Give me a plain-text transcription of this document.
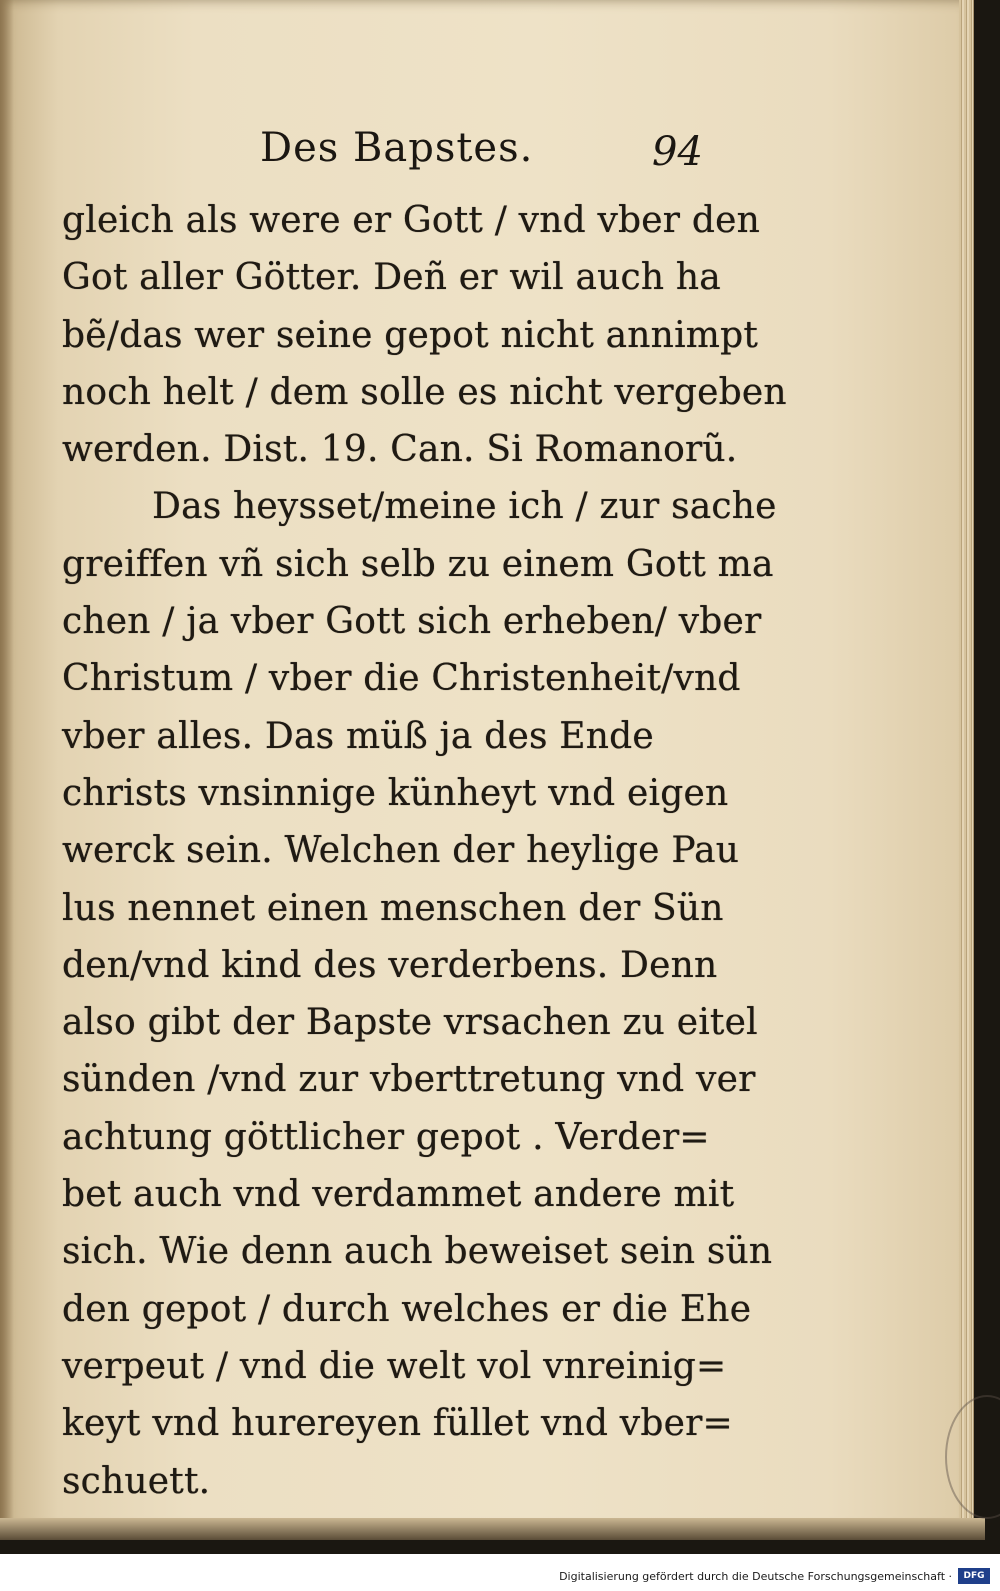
Des Bapstes.	94
gleich als were er Gott / vnd vber den
Got aller Götter. Deñ er wil auch ha
bẽ/das wer seine gepot nicht annimpt
noch helt / dem solle es nicht vergeben
werden. Dist. 19. Can. Si Romanorũ.
Das heysset/meine ich / zur sache
greiffen vñ sich selb zu einem Gott ma
chen / ja vber Gott sich erheben/ vber
Christum / vber die Christenheit/vnd
vber alles. Das müß ja des Ende
christs vnsinnige künheyt vnd eigen
werck sein. Welchen der heylige Pau
lus nennet einen menschen der Sün
den/vnd kind des verderbens. Denn
also gibt der Bapste vrsachen zu eitel
sünden /vnd zur vberttretung vnd ver
achtung göttlicher gepot . Verder=
bet auch vnd verdammet andere mit
sich. Wie denn auch beweiset sein sün
den gepot / durch welches er die Ehe
verpeut / vnd die welt vol vnreinig=
keyt vnd hurereyen füllet vnd vber=
schuett.
Digitalisierung gefördert durch die Deutsche Forschungsgemeinschaft ·	DFG
